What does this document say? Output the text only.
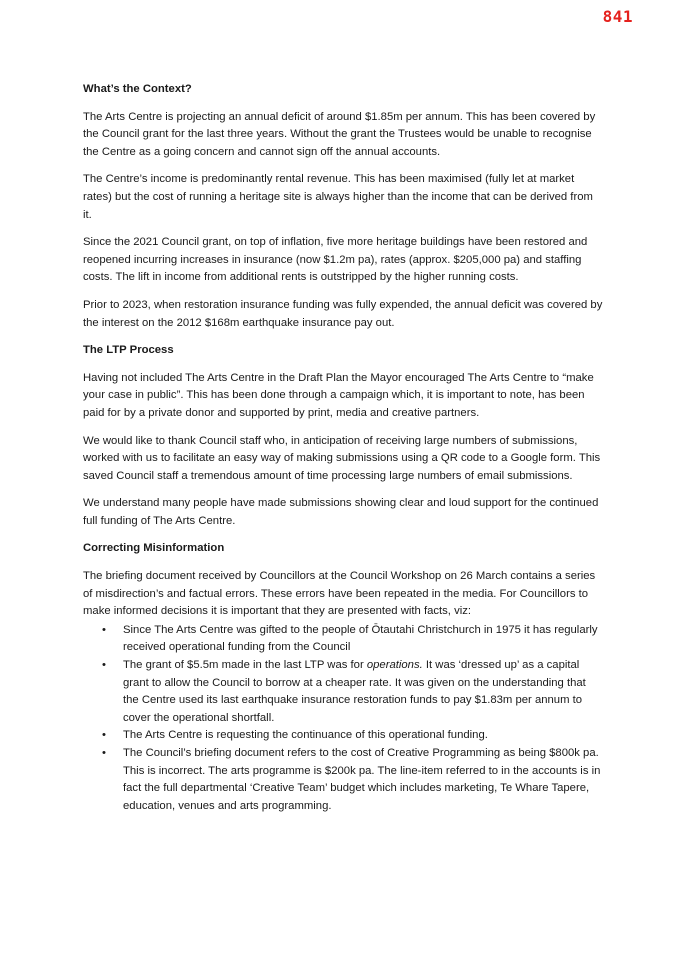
841
What’s the Context?

The Arts Centre is projecting an annual deficit of around $1.85m per annum. This has been covered by the Council grant for the last three years. Without the grant the Trustees would be unable to recognise the Centre as a going concern and cannot sign off the annual accounts.

The Centre’s income is predominantly rental revenue. This has been maximised (fully let at market rates) but the cost of running a heritage site is always higher than the income that can be derived from it.

Since the 2021 Council grant, on top of inflation, five more heritage buildings have been restored and reopened incurring increases in insurance (now $1.2m pa), rates (approx. $205,000 pa) and staffing costs. The lift in income from additional rents is outstripped by the higher running costs.

Prior to 2023, when restoration insurance funding was fully expended, the annual deficit was covered by the interest on the 2012 $168m earthquake insurance pay out.

The LTP Process

Having not included The Arts Centre in the Draft Plan the Mayor encouraged The Arts Centre to “make your case in public”. This has been done through a campaign which, it is important to note, has been paid for by a private donor and supported by print, media and creative partners.

We would like to thank Council staff who, in anticipation of receiving large numbers of submissions, worked with us to facilitate an easy way of making submissions using a QR code to a Google form. This saved Council staff a tremendous amount of time processing large numbers of email submissions.

We understand many people have made submissions showing clear and loud support for the continued full funding of The Arts Centre.

Correcting Misinformation

The briefing document received by Councillors at the Council Workshop on 26 March contains a series of misdirection’s and factual errors. These errors have been repeated in the media. For Councillors to make informed decisions it is important that they are presented with facts, viz:

• Since The Arts Centre was gifted to the people of Ōtautahi Christchurch in 1975 it has regularly received operational funding from the Council
• The grant of $5.5m made in the last LTP was for operations. It was ‘dressed up’ as a capital grant to allow the Council to borrow at a cheaper rate. It was given on the understanding that the Centre used its last earthquake insurance restoration funds to pay $1.83m per annum to cover the operational shortfall.
• The Arts Centre is requesting the continuance of this operational funding.
• The Council’s briefing document refers to the cost of Creative Programming as being $800k pa. This is incorrect. The arts programme is $200k pa. The line-item referred to in the accounts is in fact the full departmental ‘Creative Team’ budget which includes marketing, Te Whare Tapere, education, venues and arts programming.
